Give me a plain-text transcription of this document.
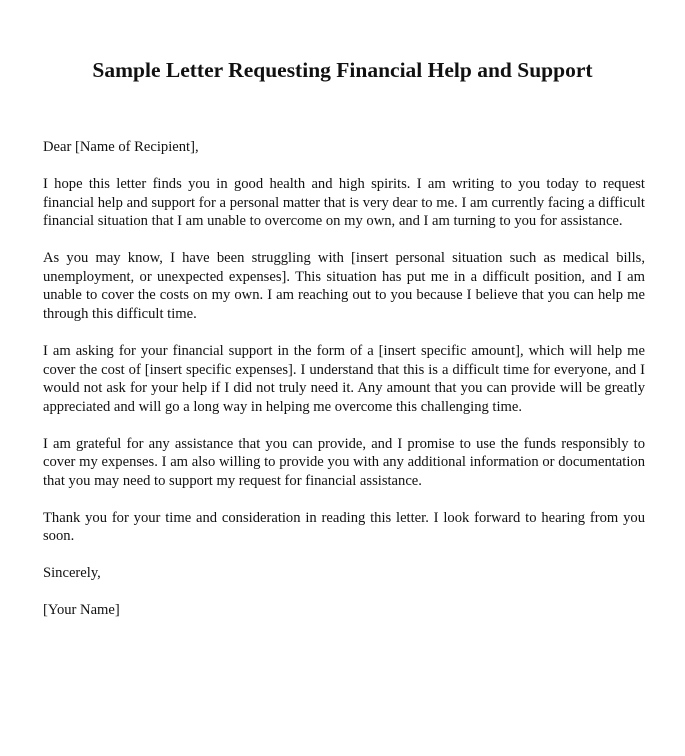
Sample Letter Requesting Financial Help and Support

Dear [Name of Recipient],

I hope this letter finds you in good health and high spirits. I am writing to you today to request financial help and support for a personal matter that is very dear to me. I am currently facing a difficult financial situation that I am unable to overcome on my own, and I am turning to you for assistance.

As you may know, I have been struggling with [insert personal situation such as medical bills, unemployment, or unexpected expenses]. This situation has put me in a difficult position, and I am unable to cover the costs on my own. I am reaching out to you because I believe that you can help me through this difficult time.

I am asking for your financial support in the form of a [insert specific amount], which will help me cover the cost of [insert specific expenses]. I understand that this is a difficult time for everyone, and I would not ask for your help if I did not truly need it. Any amount that you can provide will be greatly appreciated and will go a long way in helping me overcome this challenging time.

I am grateful for any assistance that you can provide, and I promise to use the funds responsibly to cover my expenses. I am also willing to provide you with any additional information or documentation that you may need to support my request for financial assistance.

Thank you for your time and consideration in reading this letter. I look forward to hearing from you soon.

Sincerely,

[Your Name]
